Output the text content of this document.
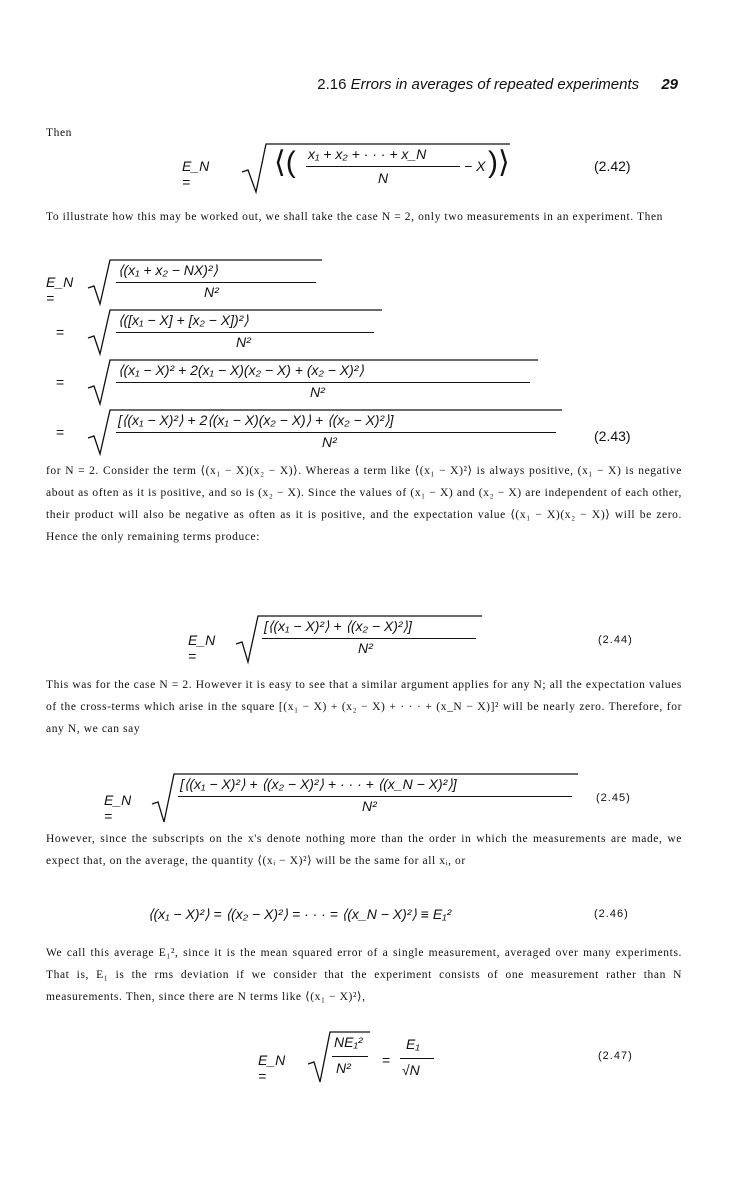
2.16 Errors in averages of repeated experiments 29

Then

E_N =
⟨( x₁ + x₂ + · · · + x_N
N
− X )⟩	(2.42)

To illustrate how this may be worked out, we shall take the case N = 2, only two measurements in an experiment. Then

E_N =
⟨(x₁ + x₂ − NX)²⟩
N²
=
⟨([x₁ − X] + [x₂ − X])²⟩
N²
=
⟨(x₁ − X)² + 2(x₁ − X)(x₂ − X) + (x₂ − X)²⟩
N²
=
[⟨(x₁ − X)²⟩ + 2⟨(x₁ − X)(x₂ − X)⟩ + ⟨(x₂ − X)²⟩]
N²	(2.43)

for N = 2. Consider the term ⟨(x₁ − X)(x₂ − X)⟩. Whereas a term like ⟨(x₁ − X)²⟩ is always positive, (x₁ − X) is negative about as often as it is positive, and so is (x₂ − X). Since the values of (x₁ − X) and (x₂ − X) are independent of each other, their product will also be negative as often as it is positive, and the expectation value ⟨(x₁ − X)(x₂ − X)⟩ will be zero. Hence the only remaining terms produce:

E_N =
[⟨(x₁ − X)²⟩ + ⟨(x₂ − X)²⟩]
N²	(2.44)

This was for the case N = 2. However it is easy to see that a similar argument applies for any N; all the expectation values of the cross-terms which arise in the square [(x₁ − X) + (x₂ − X) + · · · + (x_N − X)]² will be nearly zero. Therefore, for any N, we can say

E_N =
[⟨(x₁ − X)²⟩ + ⟨(x₂ − X)²⟩ + · · · + ⟨(x_N − X)²⟩]
N²	(2.45)

However, since the subscripts on the x's denote nothing more than the order in which the measurements are made, we expect that, on the average, the quantity ⟨(xᵢ − X)²⟩ will be the same for all xᵢ, or

⟨(x₁ − X)²⟩ = ⟨(x₂ − X)²⟩ = · · · = ⟨(x_N − X)²⟩ ≡ E₁²	(2.46)

We call this average E₁², since it is the mean squared error of a single measurement, averaged over many experiments. That is, E₁ is the rms deviation if we consider that the experiment consists of one measurement rather than N measurements. Then, since there are N terms like ⟨(x₁ − X)²⟩,

E_N =
NE₁²
N² =
E₁
√N
(2.47)
